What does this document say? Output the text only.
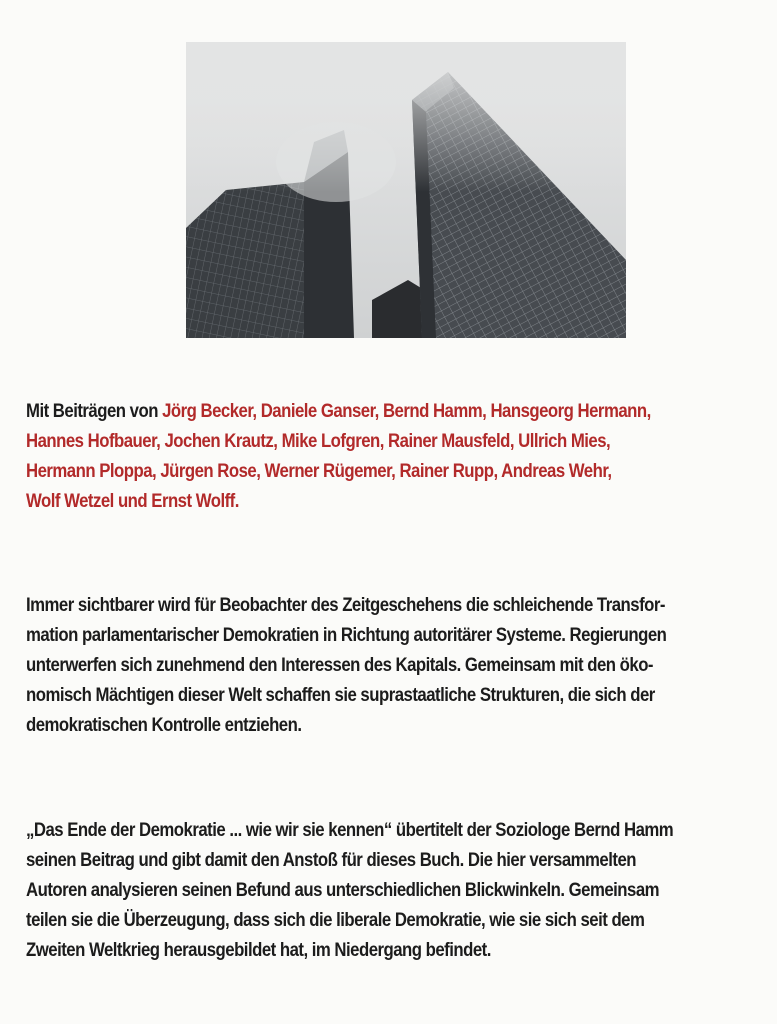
Mit Beiträgen von Jörg Becker, Daniele Ganser, Bernd Hamm, Hansgeorg Hermann,
Hannes Hofbauer, Jochen Krautz, Mike Lofgren, Rainer Mausfeld, Ullrich Mies,
Hermann Ploppa, Jürgen Rose, Werner Rügemer, Rainer Rupp, Andreas Wehr,
Wolf Wetzel und Ernst Wolff.
Immer sichtbarer wird für Beobachter des Zeitgeschehens die schleichende Transfor-
mation parlamentarischer Demokratien in Richtung autoritärer Systeme. Regierungen
unterwerfen sich zunehmend den Interessen des Kapitals. Gemeinsam mit den öko-
nomisch Mächtigen dieser Welt schaffen sie suprastaatliche Strukturen, die sich der
demokratischen Kontrolle entziehen.
„Das Ende der Demokratie ... wie wir sie kennen“ übertitelt der Soziologe Bernd Hamm
seinen Beitrag und gibt damit den Anstoß für dieses Buch. Die hier versammelten
Autoren analysieren seinen Befund aus unterschiedlichen Blickwinkeln. Gemeinsam
teilen sie die Überzeugung, dass sich die liberale Demokratie, wie sie sich seit dem
Zweiten Weltkrieg herausgebildet hat, im Niedergang befindet.
